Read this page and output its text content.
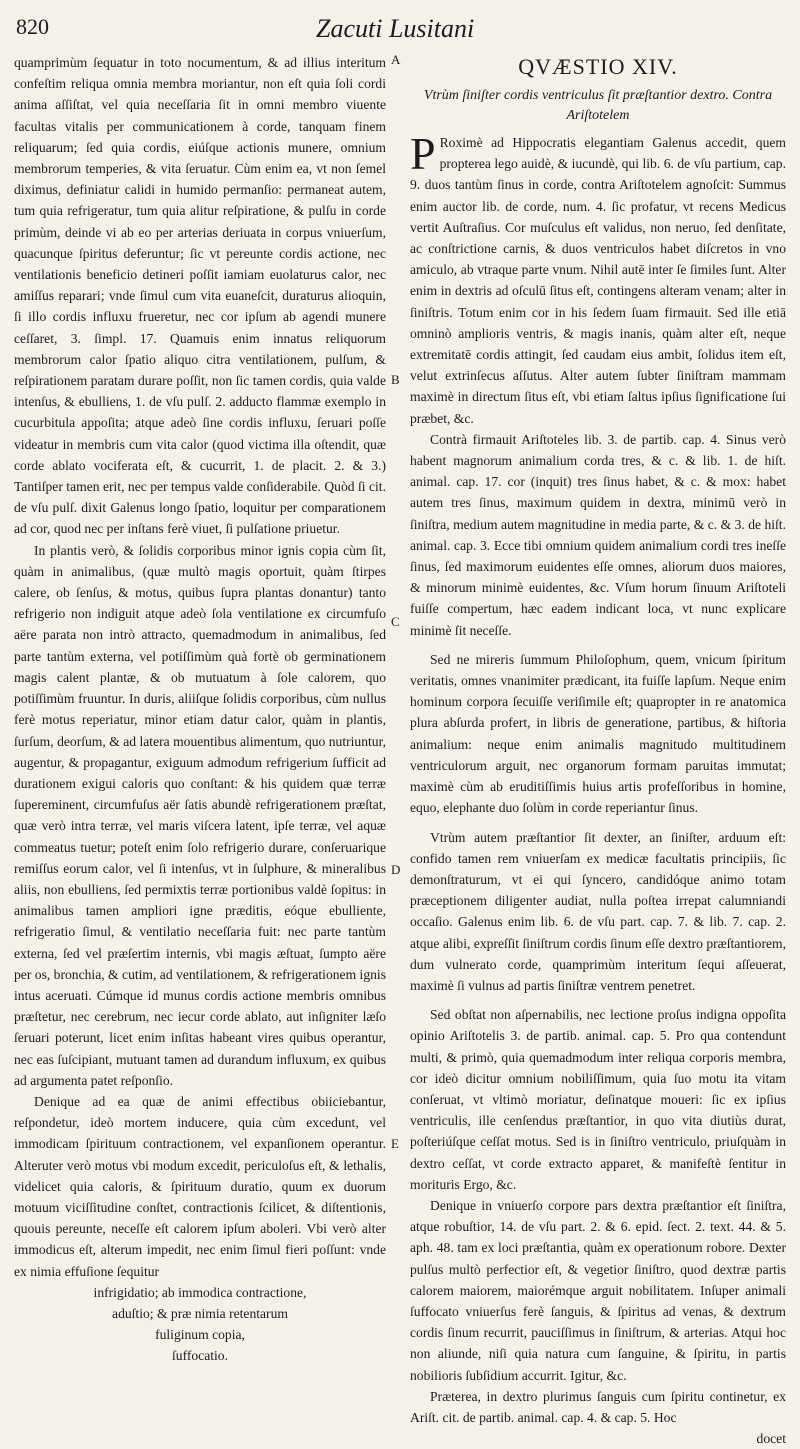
820	Zacuti Lusitani
A
B
C
D
E

quamprimùm ſequatur in toto nocumentum, & ad illius interitum confeſtim reliqua omnia membra moriantur, non eſt quia ſoli cordi anima aſſiſtat, vel quia neceſſaria ſit in omni membro viuente facultas vitalis per communicationem à corde, tanquam finem reliquarum; ſed quia cordis, eiúſque actionis munere, omnium membrorum temperies, & vita ſeruatur. Cùm enim ea, vt non ſemel diximus, definiatur calidi in humido permanſio: permaneat autem, tum quia refrigeratur, tum quia alitur reſpiratione, & pulſu in corde primùm, deinde vi ab eo per arterias deriuata in corpus vniuerſum, quacunque ſpiritus deferuntur; ſic vt pereunte cordis actione, nec ventilationis beneficio detineri poſſit iamiam euolaturus calor, nec amiſſus reparari; vnde ſimul cum vita euaneſcit, duraturus alioquin, ſi illo cordis influxu frueretur, nec cor ipſum ab agendi munere ceſſaret, 3. ſimpl. 17. Quamuis enim innatus reliquorum membrorum calor ſpatio aliquo citra ventilationem, pulſum, & reſpirationem paratam durare poſſit, non ſic tamen cordis, quia valde intenſus, & ebulliens, 1. de vſu pulſ. 2. adducto flammæ exemplo in cucurbitula appoſita; atque adeò ſine cordis influxu, ſeruari poſſe videatur in membris cum vita calor (quod victima illa oſtendit, quæ corde ablato vociferata eſt, & cucurrit, 1. de placit. 2. & 3.) Tantiſper tamen erit, nec per tempus valde conſiderabile. Quòd ſi cit. de vſu pulſ. dixit Galenus longo ſpatio, loquitur per comparationem ad cor, quod nec per inſtans ferè viuet, ſi pulſatione priuetur.

In plantis verò, & ſolidis corporibus minor ignis copia cùm ſit, quàm in animalibus, (quæ multò magis oportuit, quàm ſtirpes calere, ob ſenſus, & motus, quibus ſupra plantas donantur) tanto refrigerio non indiguit atque adeò ſola ventilatione ex circumfuſo aëre parata non intrò attracto, quemadmodum in animalibus, ſed parte tantùm externa, vel potiſſimùm quà fortè ob germinationem magis calent plantæ, & ob mutuatum à ſole calorem, quo potiſſimùm fruuntur. In duris, aliiſque ſolidis corporibus, cùm nullus ferè motus reperiatur, minor etiam datur calor, quàm in plantis, ſurſum, deorſum, & ad latera mouentibus alimentum, quo nutriuntur, augentur, & propagantur, exiguum admodum refrigerium ſufficit ad durationem exigui caloris quo conſtant: & his quidem quæ terræ ſupereminent, circumfuſus aër ſatis abundè refrigerationem præſtat, quæ verò intra terræ, vel maris viſcera latent, ipſe terræ, vel aquæ commeatus tuetur; poteſt enim ſolo refrigerio durare, conſeruarique remiſſus eorum calor, vel ſi intenſus, vt in ſulphure, & mineralibus aliis, non ebulliens, ſed permixtis terræ portionibus valdè ſopitus: in animalibus tamen ampliori igne præditis, eóque ebulliente, refrigeratio ſimul, & ventilatio neceſſaria fuit: nec parte tantùm externa, ſed vel præſertim internis, vbi magis æſtuat, ſumpto aëre per os, bronchia, & cutim, ad ventilationem, & refrigerationem ignis intus aceruati. Cúmque id munus cordis actione membris omnibus præſtetur, nec cerebrum, nec iecur corde ablato, aut inſigniter læſo ſeruari poterunt, licet enim inſitas habeant vires quibus operantur, nec eas ſuſcipiant, mutuant tamen ad durandum influxum, ex quibus ad argumenta patet reſponſio.

Denique ad ea quæ de animi effectibus obiiciebantur, reſpondetur, ideò mortem inducere, quia cùm excedunt, vel immodicam ſpirituum contractionem, vel expanſionem operantur. Alteruter verò motus vbi modum excedit, periculoſus eſt, & lethalis, videlicet quia caloris, & ſpirituum duratio, quum ex duorum motuum viciſſitudine conſtet, contractionis ſcilicet, & diſtentionis, quouis pereunte, neceſſe eſt calorem ipſum aboleri. Vbi verò alter immodicus eſt, alterum impedit, nec enim ſimul fieri poſſunt: vnde ex nimia effuſione ſequitur

infrigidatio; ab immodica contractione,

aduſtio; & præ nimia retentarum

fuliginum copia,

ſuffocatio.

QVÆSTIO XIV.
Vtrùm ſiniſter cordis ventriculus ſit præſtantior dextro. Contra Ariſtotelem

P Roximè ad Hippocratis elegantiam Galenus accedit, quem propterea lego auidè, & iucundè, qui lib. 6. de vſu partium, cap. 9. duos tantùm ſinus in corde, contra Ariſtotelem agnoſcit: Summus enim auctor lib. de corde, num. 4. ſic profatur, vt recens Medicus vertit Auſtraſius. Cor muſculus eſt validus, non neruo, ſed denſitate, ac conſtrictione carnis, & duos ventriculos habet diſcretos in vno amiculo, ab vtraque parte vnum. Nihil autē inter ſe ſimiles ſunt. Alter enim in dextris ad oſculū ſitus eſt, contingens alteram venam; alter in ſiniſtris. Totum enim cor in his ſedem ſuam firmauit. Sed ille etiā omninò amplioris ventris, & magis inanis, quàm alter eſt, neque extremitatē cordis attingit, ſed caudam eius ambit, ſolidus item eſt, velut extrinſecus aſſutus. Alter autem ſubter ſiniſtram mammam maximè in directum ſitus eſt, vbi etiam ſaltus ipſius ſignificatione ſui præbet, &c.

Contrà firmauit Ariſtoteles lib. 3. de partib. cap. 4. Sinus verò habent magnorum animalium corda tres, & c. & lib. 1. de hiſt. animal. cap. 17. cor (inquit) tres ſinus habet, & c. & mox: habet autem tres ſinus, maximum quidem in dextra, minimū verò in ſiniſtra, medium autem magnitudine in media parte, & c. & 3. de hiſt. animal. cap. 3. Ecce tibi omnium quidem animalium cordi tres ineſſe ſinus, ſed maximorum euidentes eſſe omnes, aliorum duos maiores, & minorum minimè euidentes, &c. Vſum horum ſinuum Ariſtoteli fuiſſe compertum, hæc eadem indicant loca, vt nunc explicare minimè ſit neceſſe.

Sed ne mireris ſummum Philoſophum, quem, vnicum ſpiritum veritatis, omnes vnanimiter prædicant, ita fuiſſe lapſum. Neque enim hominum corpora ſecuiſſe veriſimile eſt; quapropter in re anatomica plura abſurda profert, in libris de generatione, partibus, & hiſtoria animalium: neque enim animalis magnitudo multitudinem ventriculorum arguit, nec organorum formam paruitas immutat; maximè cùm ab eruditiſſimis huius artis profeſſoribus in homine, equo, elephante duo ſolùm in corde reperiantur ſinus.

Vtrùm autem præſtantior ſit dexter, an ſiniſter, arduum eſt: confido tamen rem vniuerſam ex medicæ facultatis principiis, ſic demonſtraturum, vt ei qui ſyncero, candidóque animo totam præceptionem diligenter audiat, nulla poſtea irrepat calumniandi occaſio. Galenus enim lib. 6. de vſu part. cap. 7. & lib. 7. cap. 2. atque alibi, expreſſit ſiniſtrum cordis ſinum eſſe dextro præſtantiorem, dum vulnerato corde, quamprimùm interitum ſequi aſſeuerat, maximè ſi vulnus ad partis ſiniſtræ ventrem penetret.

Sed obſtat non aſpernabilis, nec lectione proſus indigna oppoſita opinio Ariſtotelis 3. de partib. animal. cap. 5. Pro qua contendunt multi, & primò, quia quemadmodum inter reliqua corporis membra, cor ideò dicitur omnium nobiliſſimum, quia ſuo motu ita vitam conſeruat, vt vltimò moriatur, deſinatque moueri: ſic ex ipſius ventriculis, ille cenſendus præſtantior, in quo vita diutiùs durat, poſteriúſque ceſſat motus. Sed is in ſiniſtro ventriculo, priuſquàm in dextro ceſſat, vt corde extracto apparet, & manifeſtè ſentitur in morituris Ergo, &c.

Denique in vniuerſo corpore pars dextra præſtantior eſt ſiniſtra, atque robuſtior, 14. de vſu part. 2. & 6. epid. ſect. 2. text. 44. & 5. aph. 48. tam ex loci præſtantia, quàm ex operationum robore. Dexter pulſus multò perfectior eſt, & vegetior ſiniſtro, quod dextræ partis calorem maiorem, maiorémque arguit nobilitatem. Inſuper animali ſuffocato vniuerſus ferè ſanguis, & ſpiritus ad venas, & dextrum cordis ſinum recurrit, pauciſſimus in ſiniſtrum, & arterias. Atqui hoc non aliunde, niſi quia natura cum ſanguine, & ſpiritu, in partis nobilioris ſubſidium accurrit. Igitur, &c.

Præterea, in dextro plurimus ſanguis cum ſpiritu continetur, ex Ariſt. cit. de partib. animal. cap. 4. & cap. 5. Hoc

docet
